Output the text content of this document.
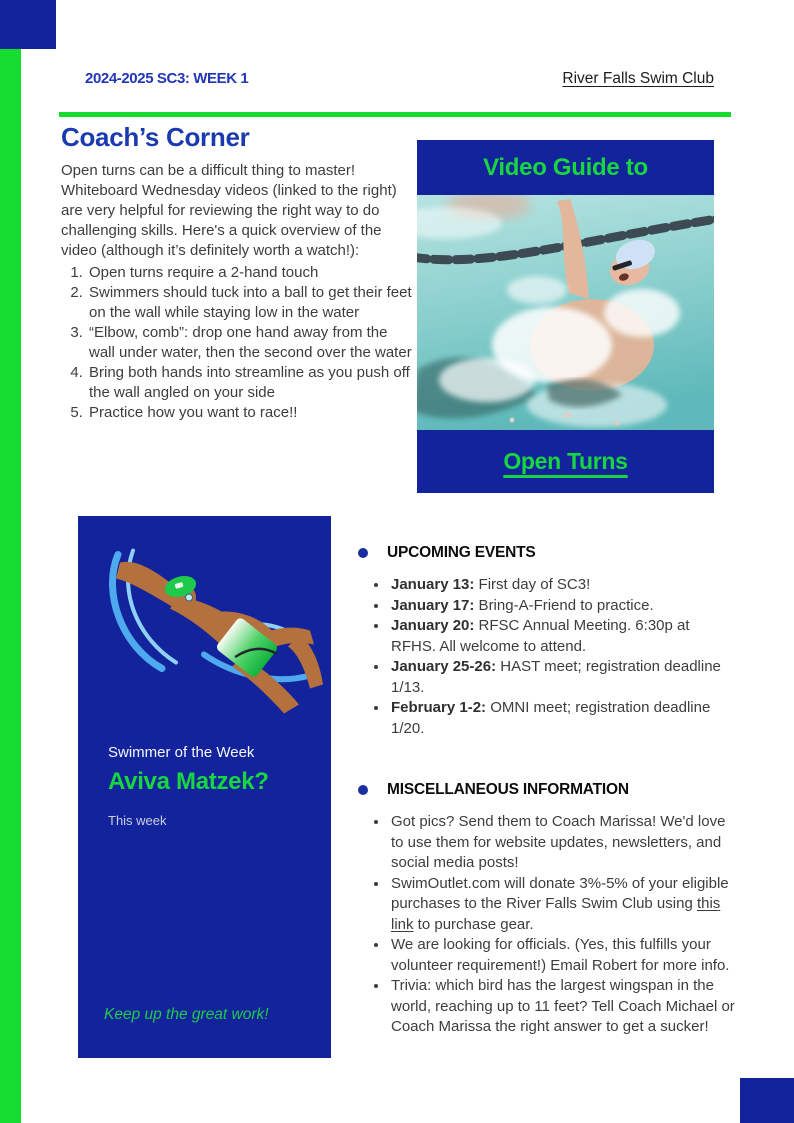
2024-2025 SC3: WEEK 1	River Falls Swim Club
Coach’s Corner

Open turns can be a difficult thing to master! Whiteboard Wednesday videos (linked to the right) are very helpful for reviewing the right way to do challenging skills. Here's a quick overview of the video (although it’s definitely worth a watch!):

1. Open turns require a 2-hand touch
2. Swimmers should tuck into a ball to get their feet on the wall while staying low in the water
3. “Elbow, comb”: drop one hand away from the wall under water, then the second over the water
4. Bring both hands into streamline as you push off the wall angled on your side
5. Practice how you want to race!!
Video Guide to
Open Turns
Swimmer of the Week
Aviva Matzek?
This week
Keep up the great work!
UPCOMING EVENTS
• January 13: First day of SC3!
• January 17: Bring-A-Friend to practice.
• January 20: RFSC Annual Meeting. 6:30p at RFHS. All welcome to attend.
• January 25-26: HAST meet; registration deadline 1/13.
• February 1-2: OMNI meet; registration deadline 1/20.
MISCELLANEOUS INFORMATION
• Got pics? Send them to Coach Marissa! We'd love to use them for website updates, newsletters, and social media posts!
• SwimOutlet.com will donate 3%-5% of your eligible purchases to the River Falls Swim Club using this link to purchase gear.
• We are looking for officials. (Yes, this fulfills your volunteer requirement!) Email Robert for more info.
• Trivia: which bird has the largest wingspan in the world, reaching up to 11 feet? Tell Coach Michael or Coach Marissa the right answer to get a sucker!
